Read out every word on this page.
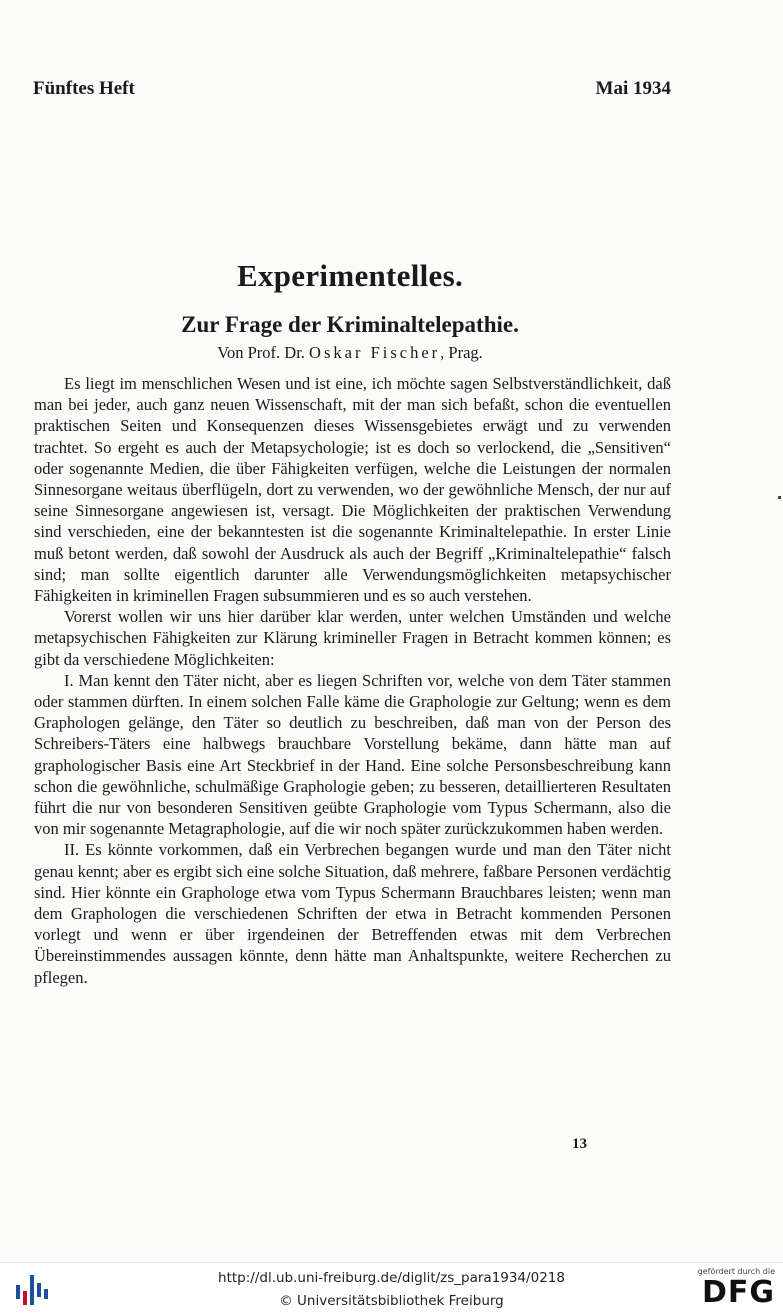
Fünftes Heft	Mai 1934
Experimentelles.
Zur Frage der Kriminaltelepathie.
Von Prof. Dr. Oskar Fischer, Prag.

Es liegt im menschlichen Wesen und ist eine, ich möchte sagen Selbstverständlichkeit, daß man bei jeder, auch ganz neuen Wissenschaft, mit der man sich befaßt, schon die eventuellen praktischen Seiten und Konsequenzen dieses Wissensgebietes erwägt und zu verwenden trachtet. So ergeht es auch der Metapsychologie; ist es doch so verlockend, die „Sensitiven“ oder sogenannte Medien, die über Fähigkeiten verfügen, welche die Leistungen der normalen Sinnesorgane weitaus überflügeln, dort zu verwenden, wo der gewöhnliche Mensch, der nur auf seine Sinnesorgane angewiesen ist, versagt. Die Möglichkeiten der praktischen Verwendung sind verschieden, eine der bekanntesten ist die sogenannte Kriminaltelepathie. In erster Linie muß betont werden, daß sowohl der Ausdruck als auch der Begriff „Kriminaltelepathie“ falsch sind; man sollte eigentlich darunter alle Verwendungsmöglichkeiten metapsychischer Fähigkeiten in kriminellen Fragen subsummieren und es so auch verstehen.

Vorerst wollen wir uns hier darüber klar werden, unter welchen Umständen und welche metapsychischen Fähigkeiten zur Klärung krimineller Fragen in Betracht kommen können; es gibt da verschiedene Möglichkeiten:

I. Man kennt den Täter nicht, aber es liegen Schriften vor, welche von dem Täter stammen oder stammen dürften. In einem solchen Falle käme die Graphologie zur Geltung; wenn es dem Graphologen gelänge, den Täter so deutlich zu beschreiben, daß man von der Person des Schreibers-Täters eine halbwegs brauchbare Vorstellung bekäme, dann hätte man auf graphologischer Basis eine Art Steckbrief in der Hand. Eine solche Personsbeschreibung kann schon die gewöhnliche, schulmäßige Graphologie geben; zu besseren, detaillierteren Resultaten führt die nur von besonderen Sensitiven geübte Graphologie vom Typus Schermann, also die von mir sogenannte Metagraphologie, auf die wir noch später zurückzukommen haben werden.

II. Es könnte vorkommen, daß ein Verbrechen begangen wurde und man den Täter nicht genau kennt; aber es ergibt sich eine solche Situation, daß mehrere, faßbare Personen verdächtig sind. Hier könnte ein Graphologe etwa vom Typus Schermann Brauchbares leisten; wenn man dem Graphologen die verschiedenen Schriften der etwa in Betracht kommenden Personen vorlegt und wenn er über irgendeinen der Betreffenden etwas mit dem Verbrechen Übereinstimmendes aussagen könnte, denn hätte man Anhaltspunkte, weitere Recherchen zu pflegen.

13
http://dl.ub.uni-freiburg.de/diglit/zs_para1934/0218
© Universitätsbibliothek Freiburg
gefördert durch die
DFG
